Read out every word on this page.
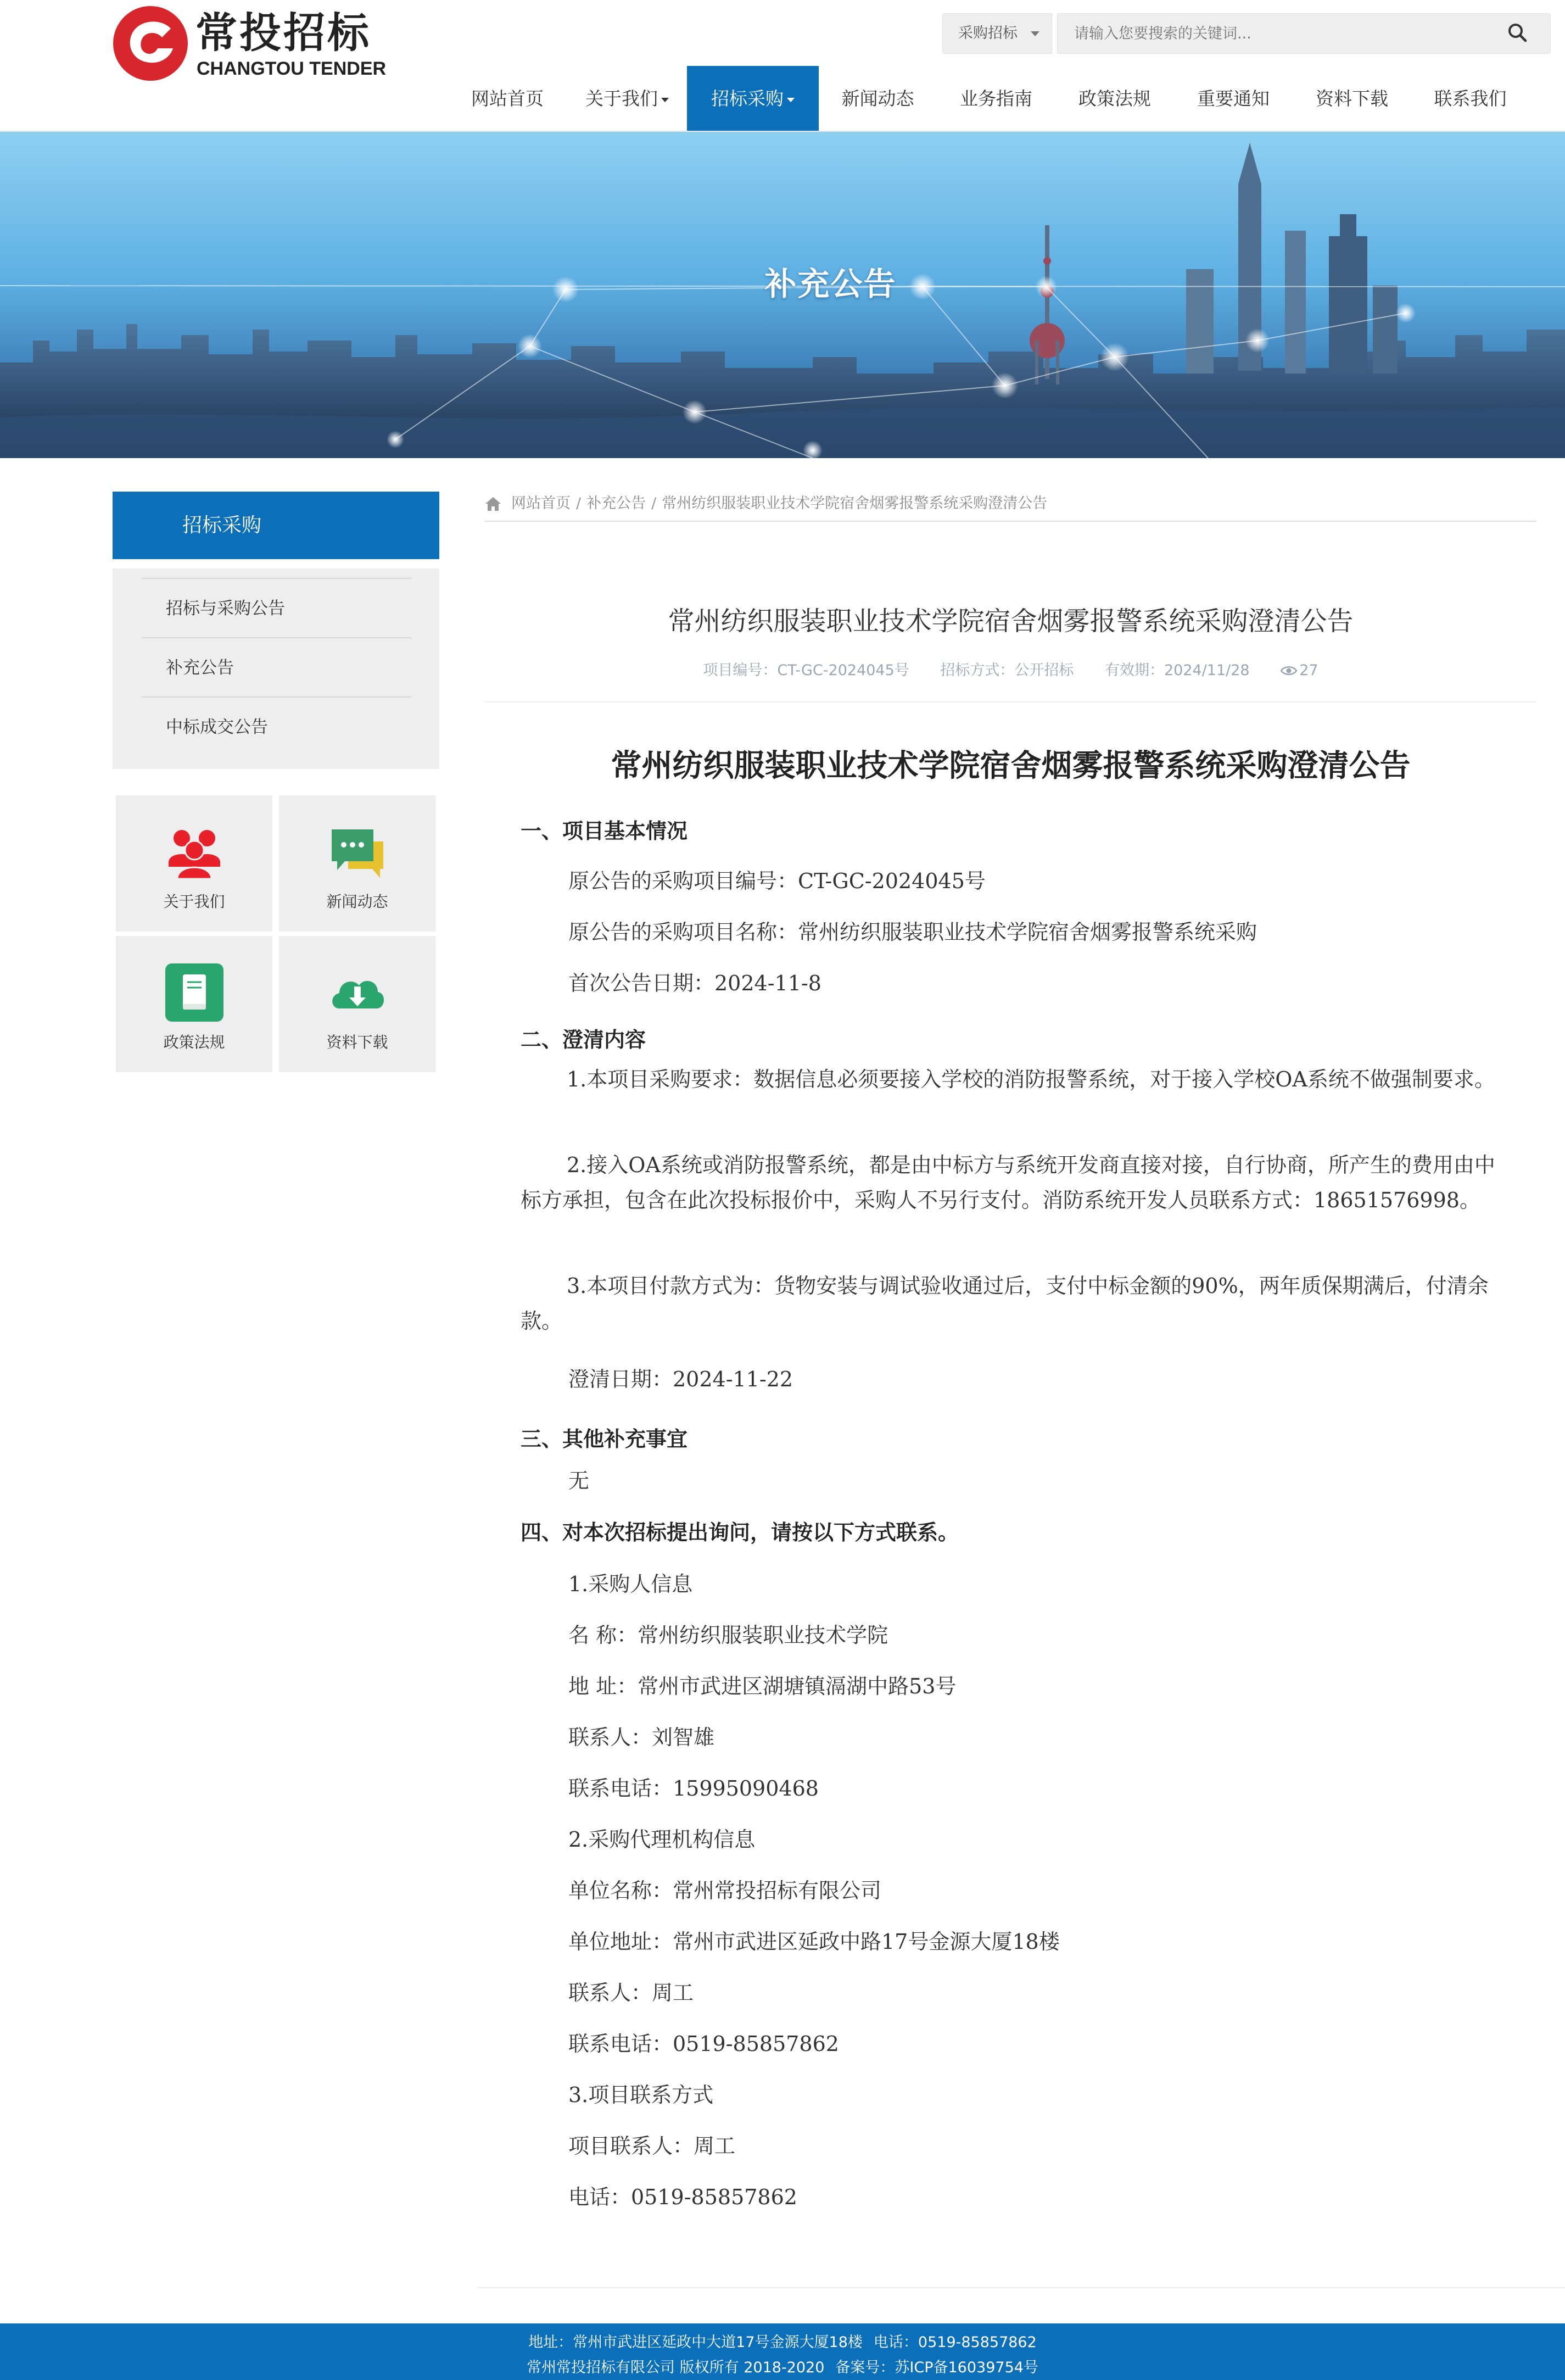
常投招标
CHANGTOU TENDER
采购招标
请输入您要搜索的关键词...
网站首页	关于我们	招标采购	新闻动态	业务指南	政策法规	重要通知	资料下载	联系我们
补充公告
招标采购
招标与采购公告
补充公告
中标成交公告
关于我们	新闻动态
政策法规	资料下载
网站首页 / 补充公告 / 常州纺织服装职业技术学院宿舍烟雾报警系统采购澄清公告
常州纺织服装职业技术学院宿舍烟雾报警系统采购澄清公告
项目编号：CT-GC-2024045号 招标方式：公开招标 有效期：2024/11/28	27
常州纺织服装职业技术学院宿舍烟雾报警系统采购澄清公告
一、项目基本情况
原公告的采购项目编号：CT-GC-2024045号
原公告的采购项目名称：常州纺织服装职业技术学院宿舍烟雾报警系统采购
首次公告日期：2024-11-8
二、澄清内容
1.本项目采购要求：数据信息必须要接入学校的消防报警系统，对于接入学校OA系统不做强制要求。
2.接入OA系统或消防报警系统，都是由中标方与系统开发商直接对接，自行协商，所产生的费用由中标方承担，包含在此次投标报价中，采购人不另行支付。消防系统开发人员联系方式：18651576998。
3.本项目付款方式为：货物安装与调试验收通过后，支付中标金额的90%，两年质保期满后，付清余款。
澄清日期：2024-11-22
三、其他补充事宜
无
四、对本次招标提出询问，请按以下方式联系。
1.采购人信息
名 称：常州纺织服装职业技术学院
地 址：常州市武进区湖塘镇滆湖中路53号
联系人：刘智雄
联系电话：15995090468
2.采购代理机构信息
单位名称：常州常投招标有限公司
单位地址：常州市武进区延政中路17号金源大厦18楼
联系人：周工
联系电话：0519-85857862
3.项目联系方式
项目联系人：周工
电话：0519-85857862
地址：常州市武进区延政中大道17号金源大厦18楼 电话：0519-85857862
常州常投招标有限公司 版权所有 2018-2020 备案号：苏ICP备16039754号
